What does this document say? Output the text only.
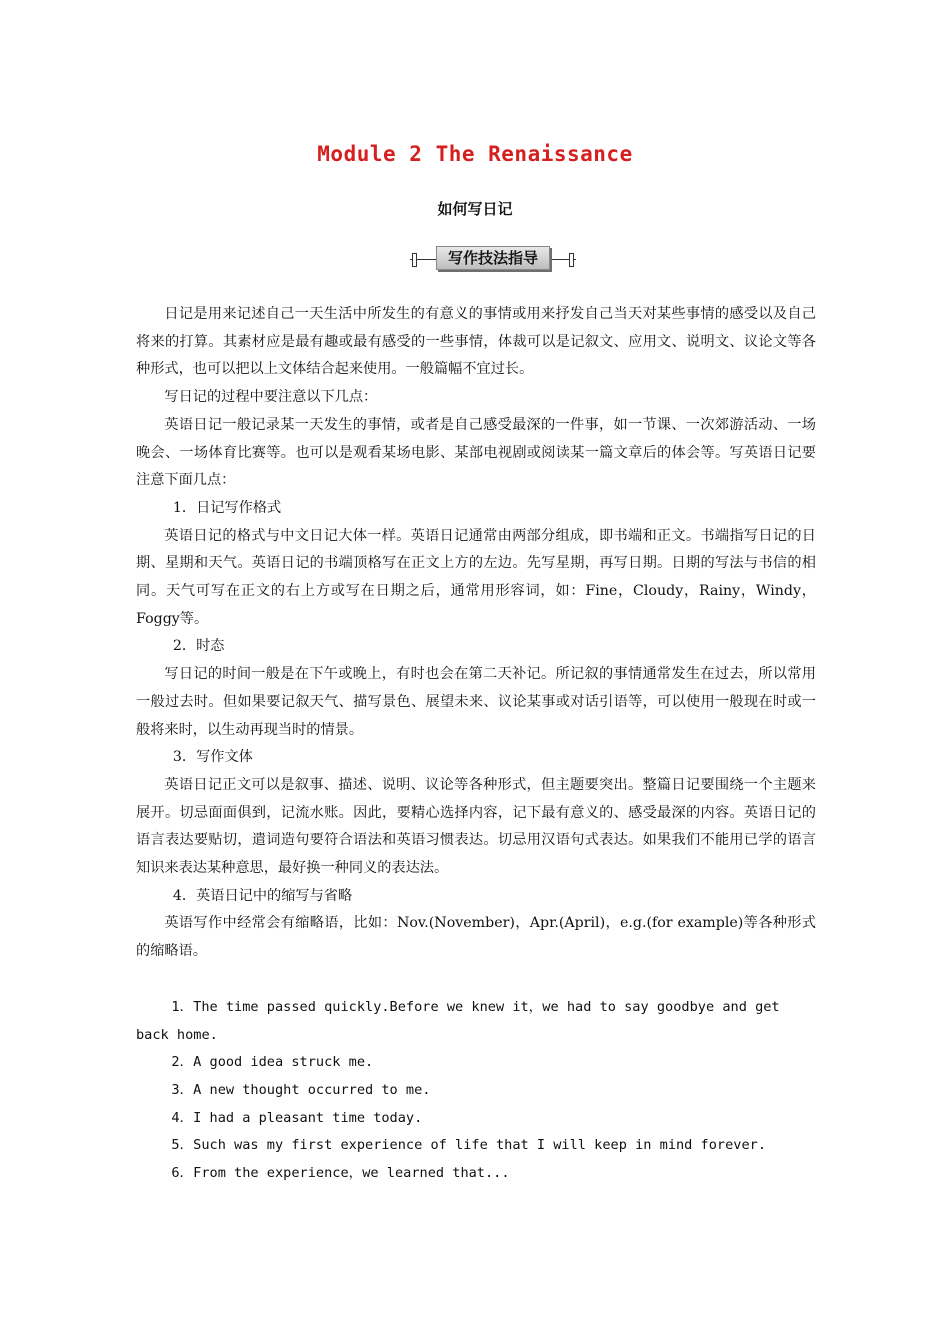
Module 2 The Renaissance
如何写日记
写作技法指导

日记是用来记述自己一天生活中所发生的有意义的事情或用来抒发自己当天对某些事情的感受以及自己将来的打算。其素材应是最有趣或最有感受的一些事情，体裁可以是记叙文、应用文、说明文、议论文等各种形式，也可以把以上文体结合起来使用。一般篇幅不宜过长。

写日记的过程中要注意以下几点：

英语日记一般记录某一天发生的事情，或者是自己感受最深的一件事，如一节课、一次郊游活动、一场晚会、一场体育比赛等。也可以是观看某场电影、某部电视剧或阅读某一篇文章后的体会等。写英语日记要注意下面几点：

1．日记写作格式

英语日记的格式与中文日记大体一样。英语日记通常由两部分组成，即书端和正文。书端指写日记的日期、星期和天气。英语日记的书端顶格写在正文上方的左边。先写星期，再写日期。日期的写法与书信的相同。天气可写在正文的右上方或写在日期之后，通常用形容词，如：Fine，Cloudy，Rainy，Windy，Foggy等。

2．时态

写日记的时间一般是在下午或晚上，有时也会在第二天补记。所记叙的事情通常发生在过去，所以常用一般过去时。但如果要记叙天气、描写景色、展望未来、议论某事或对话引语等，可以使用一般现在时或一般将来时，以生动再现当时的情景。

3．写作文体

英语日记正文可以是叙事、描述、说明、议论等各种形式，但主题要突出。整篇日记要围绕一个主题来展开。切忌面面俱到，记流水账。因此，要精心选择内容，记下最有意义的、感受最深的内容。英语日记的语言表达要贴切，遣词造句要符合语法和英语习惯表达。切忌用汉语句式表达。如果我们不能用已学的语言知识来表达某种意思，最好换一种同义的表达法。

4．英语日记中的缩写与省略

英语写作中经常会有缩略语，比如：Nov.(November)，Apr.(April)，e.g.(for example)等各种形式的缩略语。

1．The time passed quickly.Before we knew it，we had to say goodbye and get back home.

2．A good idea struck me.

3．A new thought occurred to me.

4．I had a pleasant time today.

5．Such was my first experience of life that I will keep in mind forever.

6．From the experience，we learned that...
